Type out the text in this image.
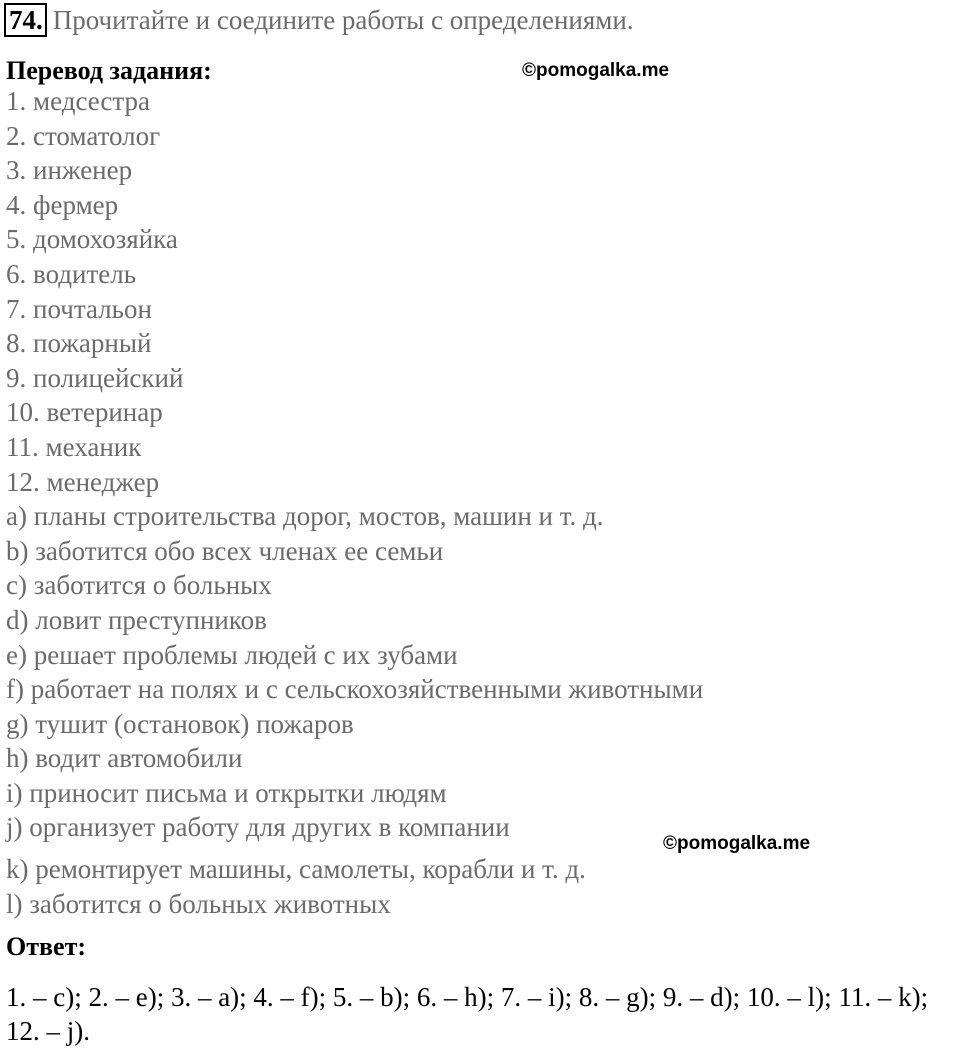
74. Прочитайте и соедините работы с определениями.
Перевод задания:	©pomogalka.me
1. медсестра
2. стоматолог
3. инженер
4. фермер
5. домохозяйка
6. водитель
7. почтальон
8. пожарный
9. полицейский
10. ветеринар
11. механик
12. менеджер
a) планы строительства дорог, мостов, машин и т. д.
b) заботится обо всех членах ее семьи
c) заботится о больных
d) ловит преступников
e) решает проблемы людей с их зубами
f) работает на полях и с сельскохозяйственными животными
g) тушит (остановок) пожаров
h) водит автомобили
i) приносит письма и открытки людям
j) организует работу для других в компании
©pomogalka.me
k) ремонтирует машины, самолеты, корабли и т. д.
l) заботится о больных животных
Ответ:
1. – c); 2. – e); 3. – a); 4. – f); 5. – b); 6. – h); 7. – i); 8. – g); 9. – d); 10. – l); 11. – k); 12. – j).
